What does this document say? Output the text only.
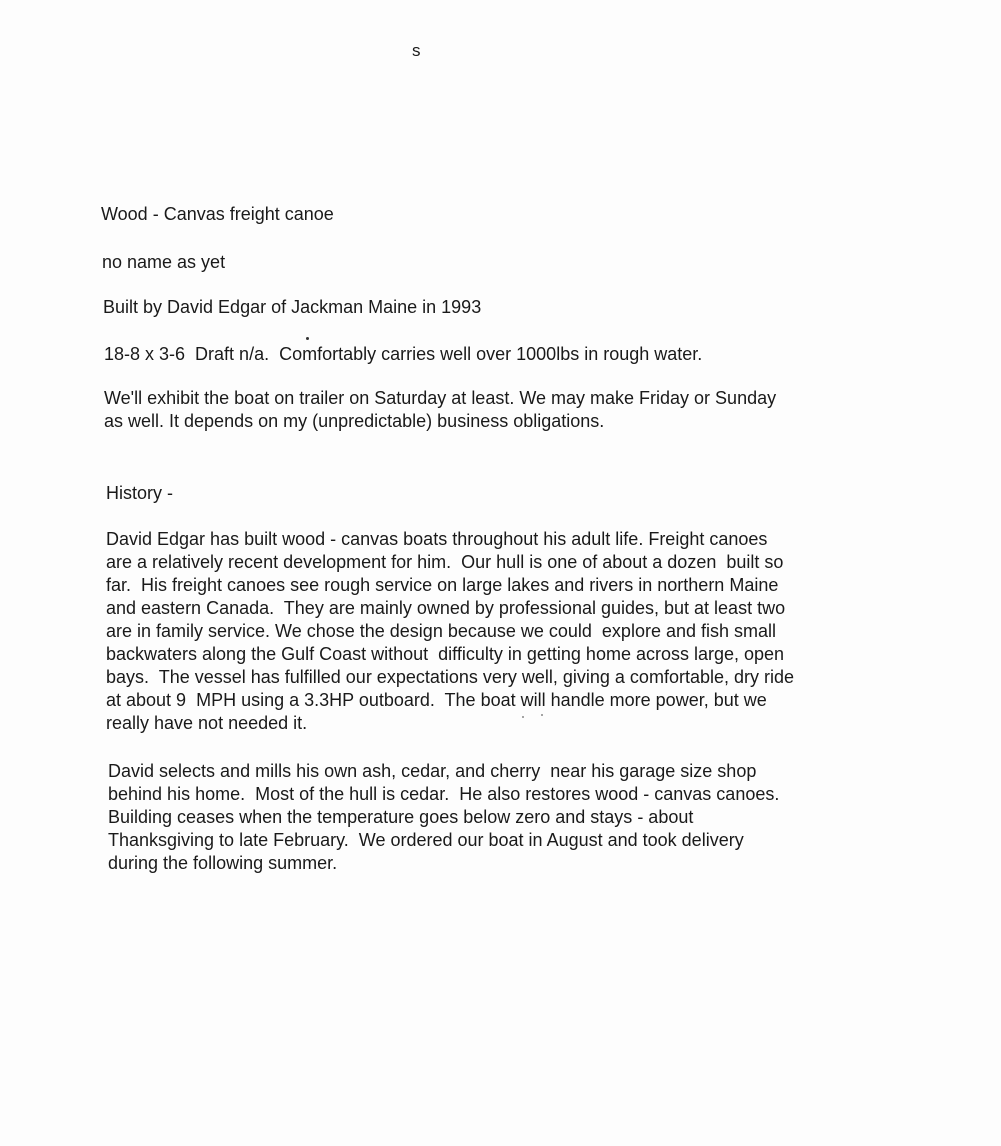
s
Wood - Canvas freight canoe
no name as yet
Built by David Edgar of Jackman Maine in 1993
18-8 x 3-6  Draft n/a.  Comfortably carries well over 1000lbs in rough water.
We'll exhibit the boat on trailer on Saturday at least. We may make Friday or Sunday
as well. It depends on my (unpredictable) business obligations.
History -
David Edgar has built wood - canvas boats throughout his adult life. Freight canoes
are a relatively recent development for him.  Our hull is one of about a dozen  built so
far.  His freight canoes see rough service on large lakes and rivers in northern Maine
and eastern Canada.  They are mainly owned by professional guides, but at least two
are in family service. We chose the design because we could  explore and fish small
backwaters along the Gulf Coast without  difficulty in getting home across large, open
bays.  The vessel has fulfilled our expectations very well, giving a comfortable, dry ride
at about 9  MPH using a 3.3HP outboard.  The boat will handle more power, but we
really have not needed it.
David selects and mills his own ash, cedar, and cherry  near his garage size shop
behind his home.  Most of the hull is cedar.  He also restores wood - canvas canoes.
Building ceases when the temperature goes below zero and stays - about
Thanksgiving to late February.  We ordered our boat in August and took delivery
during the following summer.
